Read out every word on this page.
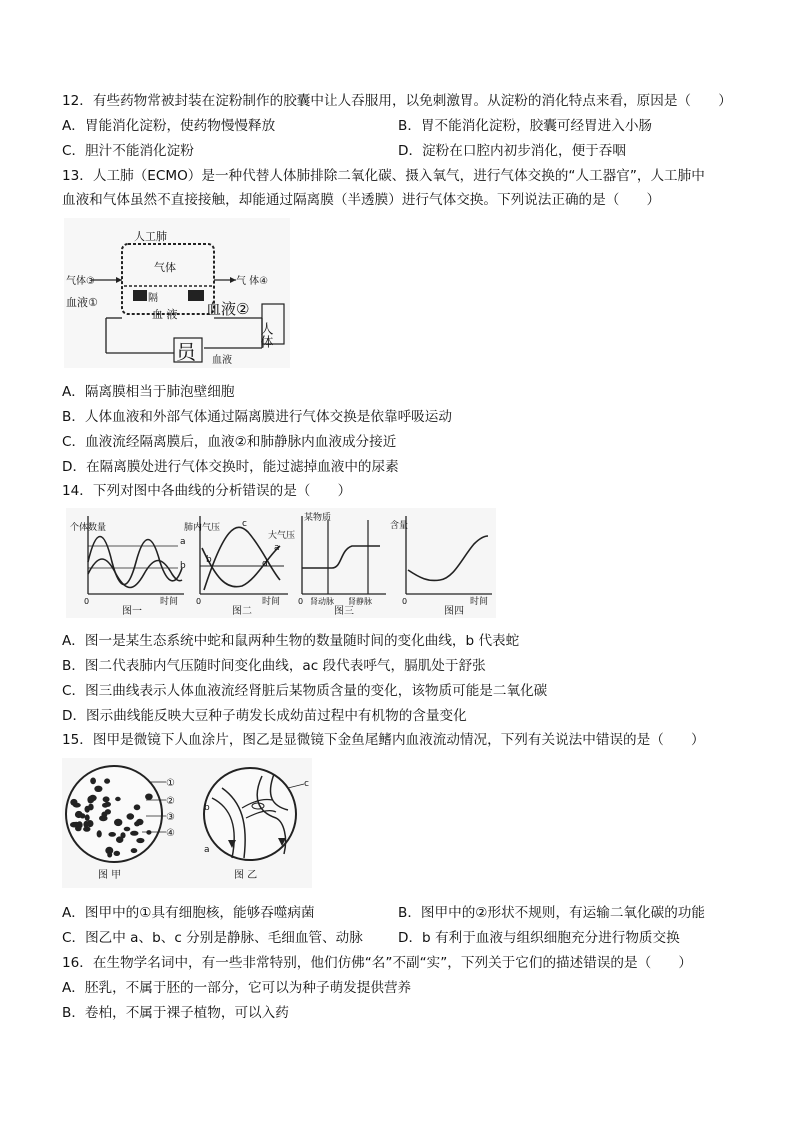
12．有些药物常被封装在淀粉制作的胶囊中让人吞服用，以免刺激胃。从淀粉的消化特点来看，原因是（　　）
A．胃能消化淀粉，使药物慢慢释放	B．胃不能消化淀粉，胶囊可经胃进入小肠
C．胆汁不能消化淀粉	D．淀粉在口腔内初步消化，便于吞咽
13．人工肺（ECMO）是一种代替人体肺排除二氧化碳、摄入氧气，进行气体交换的“人工器官”，人工肺中
血液和气体虽然不直接接触，却能通过隔离膜（半透膜）进行气体交换。下列说法正确的是（　　）
人工肺
气体
气体③	气 体④
血液①	隔
血 液 血液②
人体
员 血液
A．隔离膜相当于肺泡壁细胞
B．人体血液和外部气体通过隔离膜进行气体交换是依靠呼吸运动
C．血液流经隔离膜后，血液②和肺静脉内血液成分接近
D．在隔离膜处进行气体交换时，能过滤掉血液中的尿素
14．下列对图中各曲线的分析错误的是（　　）
个体数量
a
b
0	时间
图一
肺内气压
b
c
d
a
大气压
0	时间
图二
某物质
0 肾动脉 肾静脉
图三
含量
0	时间
图四
A．图一是某生态系统中蛇和鼠两种生物的数量随时间的变化曲线，b 代表蛇
B．图二代表肺内气压随时间变化曲线，ac 段代表呼气，膈肌处于舒张
C．图三曲线表示人体血液流经肾脏后某物质含量的变化，该物质可能是二氧化碳
D．图示曲线能反映大豆种子萌发长成幼苗过程中有机物的含量变化
15．图甲是微镜下人血涂片，图乙是显微镜下金鱼尾鳍内血液流动情况，下列有关说法中错误的是（　　）
①
②
③
④
图 甲
b
a
c
图 乙
A．图甲中的①具有细胞核，能够吞噬病菌	B．图甲中的②形状不规则，有运输二氧化碳的功能
C．图乙中 a、b、c 分别是静脉、毛细血管、动脉	D．b 有利于血液与组织细胞充分进行物质交换
16．在生物学名词中，有一些非常特别，他们仿佛“名”不副“实”，下列关于它们的描述错误的是（　　）
A．胚乳，不属于胚的一部分，它可以为种子萌发提供营养
B．卷柏，不属于裸子植物，可以入药
